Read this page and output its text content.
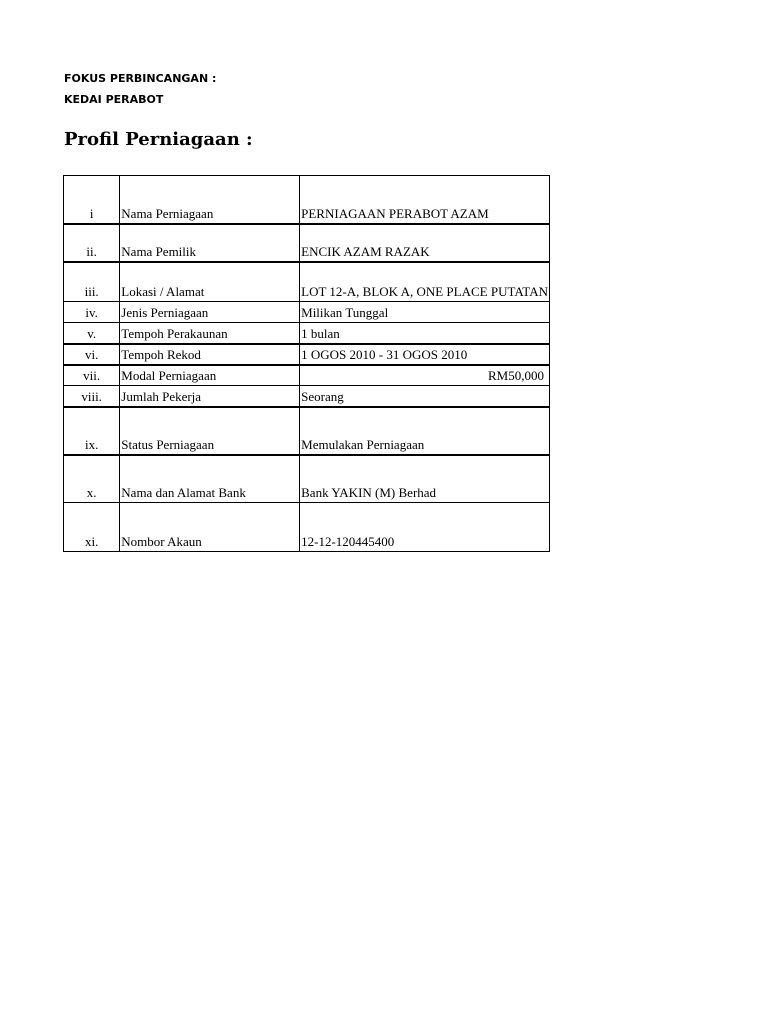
FOKUS PERBINCANGAN :
KEDAI PERABOT
Profil Perniagaan :
i	Nama Perniagaan	PERNIAGAAN PERABOT AZAM
ii.	Nama Pemilik	ENCIK AZAM RAZAK
iii.	Lokasi / Alamat	LOT 12-A, BLOK A, ONE PLACE PUTATAN
iv.	Jenis Perniagaan	Milikan Tunggal
v.	Tempoh Perakaunan	1 bulan
vi.	Tempoh Rekod	1 OGOS 2010 - 31 OGOS 2010
vii.	Modal Perniagaan	RM50,000
viii.	Jumlah Pekerja	Seorang
ix.	Status Perniagaan	Memulakan Perniagaan
x.	Nama dan Alamat Bank	Bank YAKIN (M) Berhad
xi.	Nombor Akaun	12-12-120445400
